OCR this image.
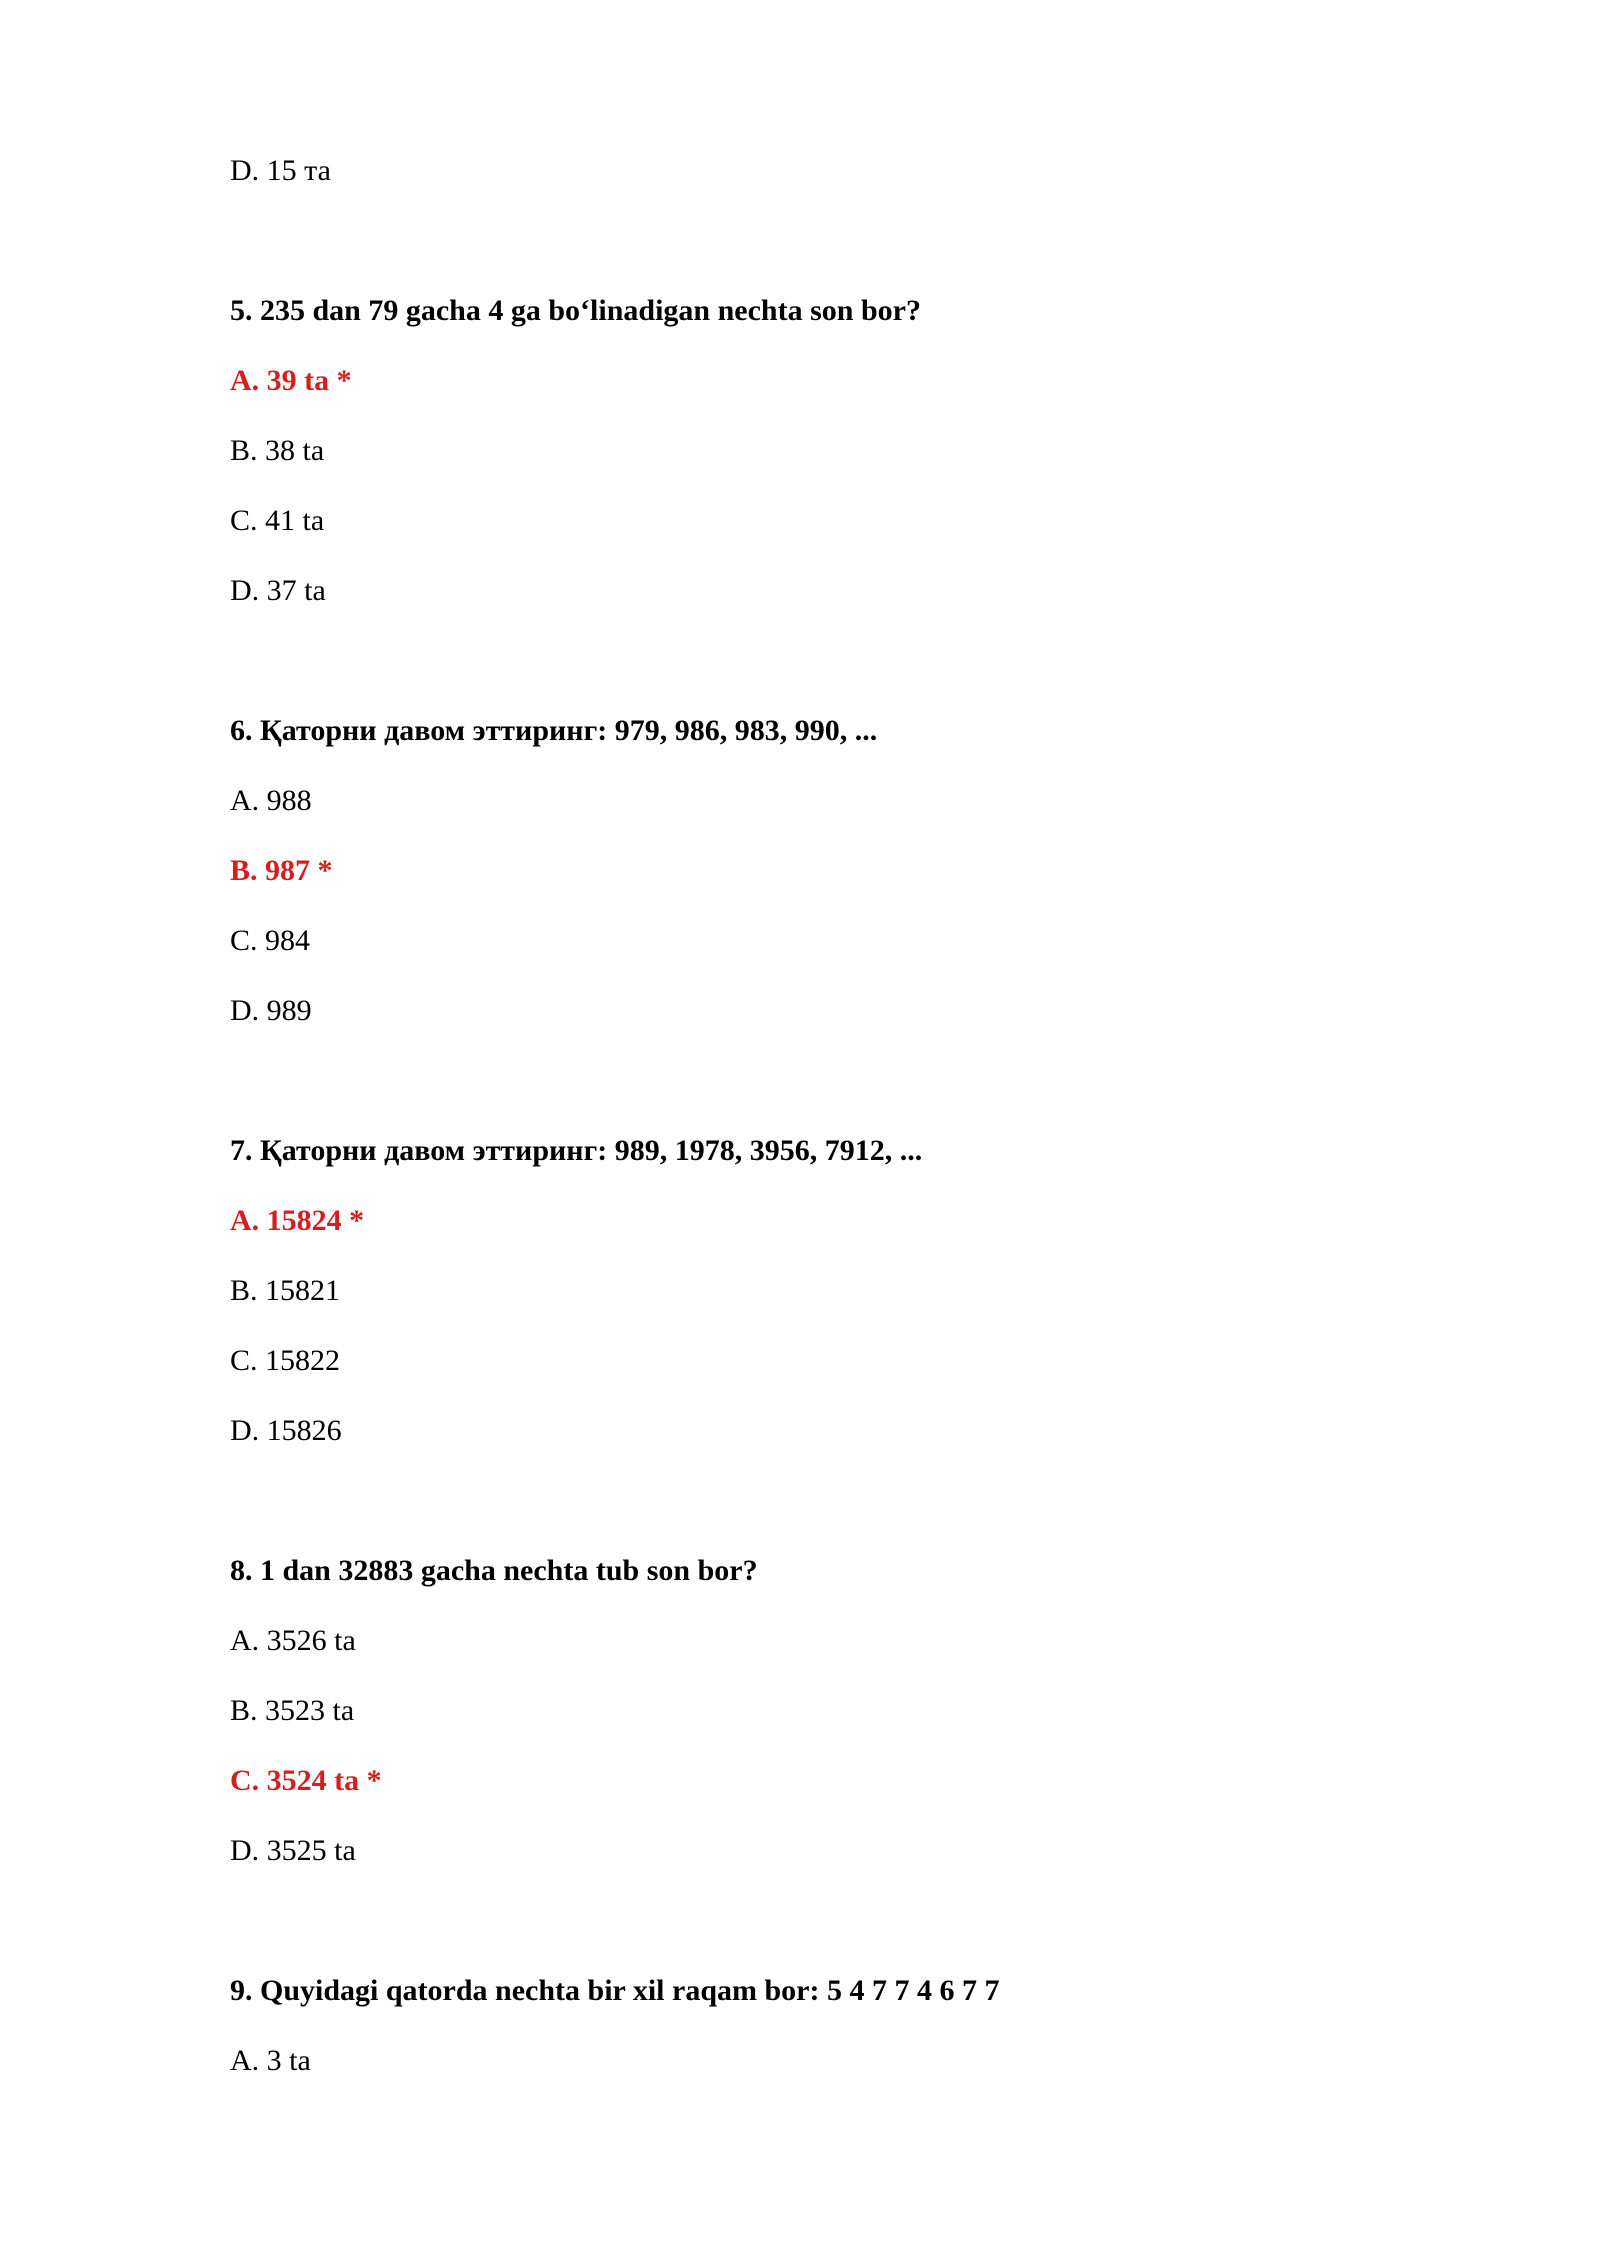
D. 15 та

5. 235 dan 79 gacha 4 ga bo‘linadigan nechta son bor?

A. 39 ta *

B. 38 ta

C. 41 ta

D. 37 ta

6. Қаторни давом эттиринг: 979, 986, 983, 990, ...

A. 988

B. 987 *

C. 984

D. 989

7. Қаторни давом эттиринг: 989, 1978, 3956, 7912, ...

A. 15824 *

B. 15821

C. 15822

D. 15826

8. 1 dan 32883 gacha nechta tub son bor?

A. 3526 ta

B. 3523 ta

C. 3524 ta *

D. 3525 ta

9. Quyidagi qatorda nechta bir xil raqam bor: 5 4 7 7 4 6 7 7

A. 3 ta
